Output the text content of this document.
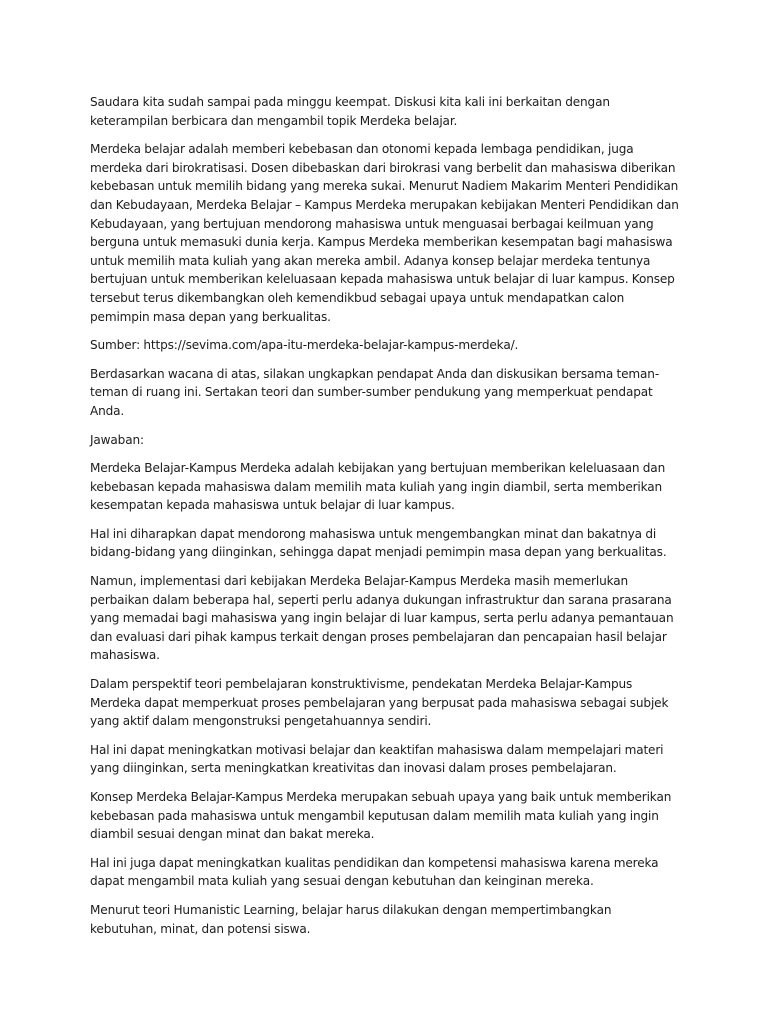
Saudara kita sudah sampai pada minggu keempat. Diskusi kita kali ini berkaitan dengan keterampilan berbicara dan mengambil topik Merdeka belajar.

Merdeka belajar adalah memberi kebebasan dan otonomi kepada lembaga pendidikan, juga merdeka dari birokratisasi. Dosen dibebaskan dari birokrasi vang berbelit dan mahasiswa diberikan kebebasan untuk memilih bidang yang mereka sukai. Menurut Nadiem Makarim Menteri Pendidikan dan Kebudayaan, Merdeka Belajar – Kampus Merdeka merupakan kebijakan Menteri Pendidikan dan Kebudayaan, yang bertujuan mendorong mahasiswa untuk menguasai berbagai keilmuan yang berguna untuk memasuki dunia kerja. Kampus Merdeka memberikan kesempatan bagi mahasiswa untuk memilih mata kuliah yang akan mereka ambil. Adanya konsep belajar merdeka tentunya bertujuan untuk memberikan keleluasaan kepada mahasiswa untuk belajar di luar kampus. Konsep tersebut terus dikembangkan oleh kemendikbud sebagai upaya untuk mendapatkan calon pemimpin masa depan yang berkualitas.

Sumber: https://sevima.com/apa-itu-merdeka-belajar-kampus-merdeka/.

Berdasarkan wacana di atas, silakan ungkapkan pendapat Anda dan diskusikan bersama teman-teman di ruang ini. Sertakan teori dan sumber-sumber pendukung yang memperkuat pendapat Anda.

Jawaban:

Merdeka Belajar-Kampus Merdeka adalah kebijakan yang bertujuan memberikan keleluasaan dan kebebasan kepada mahasiswa dalam memilih mata kuliah yang ingin diambil, serta memberikan kesempatan kepada mahasiswa untuk belajar di luar kampus.

Hal ini diharapkan dapat mendorong mahasiswa untuk mengembangkan minat dan bakatnya di bidang-bidang yang diinginkan, sehingga dapat menjadi pemimpin masa depan yang berkualitas.

Namun, implementasi dari kebijakan Merdeka Belajar-Kampus Merdeka masih memerlukan perbaikan dalam beberapa hal, seperti perlu adanya dukungan infrastruktur dan sarana prasarana yang memadai bagi mahasiswa yang ingin belajar di luar kampus, serta perlu adanya pemantauan dan evaluasi dari pihak kampus terkait dengan proses pembelajaran dan pencapaian hasil belajar mahasiswa.

Dalam perspektif teori pembelajaran konstruktivisme, pendekatan Merdeka Belajar-Kampus Merdeka dapat memperkuat proses pembelajaran yang berpusat pada mahasiswa sebagai subjek yang aktif dalam mengonstruksi pengetahuannya sendiri.

Hal ini dapat meningkatkan motivasi belajar dan keaktifan mahasiswa dalam mempelajari materi yang diinginkan, serta meningkatkan kreativitas dan inovasi dalam proses pembelajaran.

Konsep Merdeka Belajar-Kampus Merdeka merupakan sebuah upaya yang baik untuk memberikan kebebasan pada mahasiswa untuk mengambil keputusan dalam memilih mata kuliah yang ingin diambil sesuai dengan minat dan bakat mereka.

Hal ini juga dapat meningkatkan kualitas pendidikan dan kompetensi mahasiswa karena mereka dapat mengambil mata kuliah yang sesuai dengan kebutuhan dan keinginan mereka.

Menurut teori Humanistic Learning, belajar harus dilakukan dengan mempertimbangkan kebutuhan, minat, dan potensi siswa.
